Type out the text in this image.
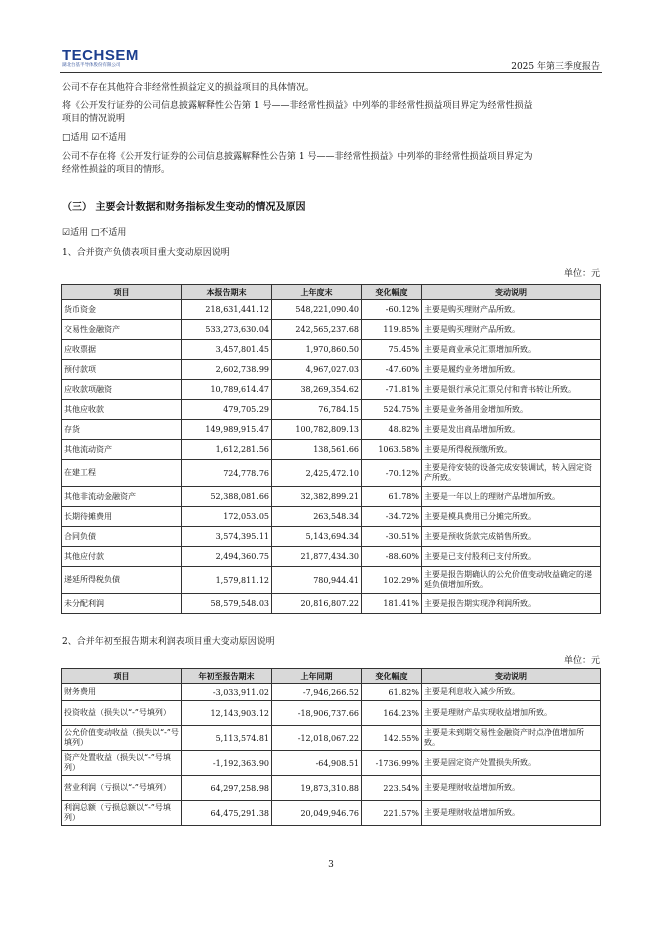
TECHSEM
湖北台基半导体股份有限公司	2025 年第三季度报告
公司不存在其他符合非经常性损益定义的损益项目的具体情况。
将《公开发行证券的公司信息披露解释性公告第 1 号——非经常性损益》中列举的非经常性损益项目界定为经常性损益
项目的情况说明
□适用 ☑不适用
公司不存在将《公开发行证券的公司信息披露解释性公告第 1 号——非经常性损益》中列举的非经常性损益项目界定为
经常性损益的项目的情形。
（三） 主要会计数据和财务指标发生变动的情况及原因
☑适用 □不适用
1、合并资产负债表项目重大变动原因说明
单位：元
项目	本报告期末	上年度末	变化幅度	变动说明
货币资金	218,631,441.12	548,221,090.40	-60.12%	主要是购买理财产品所致。
交易性金融资产	533,273,630.04	242,565,237.68	119.85%	主要是购买理财产品所致。
应收票据	3,457,801.45	1,970,860.50	75.45%	主要是商业承兑汇票增加所致。
预付款项	2,602,738.99	4,967,027.03	-47.60%	主要是履约业务增加所致。
应收款项融资	10,789,614.47	38,269,354.62	-71.81%	主要是银行承兑汇票兑付和背书转让所致。
其他应收款	479,705.29	76,784.15	524.75%	主要是业务备用金增加所致。
存货	149,989,915.47	100,782,809.13	48.82%	主要是发出商品增加所致。
其他流动资产	1,612,281.56	138,561.66	1063.58%	主要是所得税预缴所致。
在建工程	724,778.76	2,425,472.10	-70.12%	主要是待安装的设备完成安装调试，转入固定资产所致。
其他非流动金融资产	52,388,081.66	32,382,899.21	61.78%	主要是一年以上的理财产品增加所致。
长期待摊费用	172,053.05	263,548.34	-34.72%	主要是模具费用已分摊完所致。
合同负债	3,574,395.11	5,143,694.34	-30.51%	主要是预收货款完成销售所致。
其他应付款	2,494,360.75	21,877,434.30	-88.60%	主要是已支付股利已支付所致。
递延所得税负债	1,579,811.12	780,944.41	102.29%	主要是报告期确认的公允价值变动收益确定的递延负债增加所致。
未分配利润	58,579,548.03	20,816,807.22	181.41%	主要是报告期实现净利润所致。
2、合并年初至报告期末利润表项目重大变动原因说明
单位：元
项目	年初至报告期末	上年同期	变化幅度	变动说明
财务费用	-3,033,911.02	-7,946,266.52	61.82%	主要是利息收入减少所致。
投资收益（损失以“-”号填列）	12,143,903.12	-18,906,737.66	164.23%	主要是理财产品实现收益增加所致。
公允价值变动收益（损失以“-”号填列）	5,113,574.81	-12,018,067.22	142.55%	主要是未到期交易性金融资产时点净值增加所致。
资产处置收益（损失以“-”号填列）	-1,192,363.90	-64,908.51	-1736.99%	主要是固定资产处置损失所致。
营业利润（亏损以“-”号填列）	64,297,258.98	19,873,310.88	223.54%	主要是理财收益增加所致。
利润总额（亏损总额以“-”号填列）	64,475,291.38	20,049,946.76	221.57%	主要是理财收益增加所致。
3
